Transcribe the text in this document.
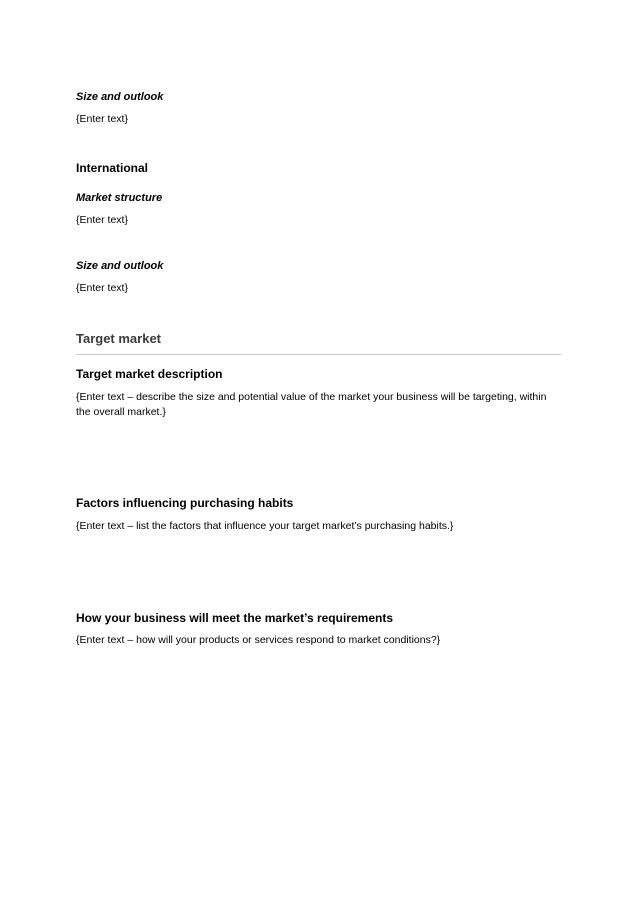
Size and outlook

{Enter text}

International

Market structure

{Enter text}

Size and outlook

{Enter text}

Target market

Target market description

{Enter text – describe the size and potential value of the market your business will be targeting, within the overall market.}

Factors influencing purchasing habits

{Enter text – list the factors that influence your target market’s purchasing habits.}

How your business will meet the market’s requirements

{Enter text – how will your products or services respond to market conditions?}
